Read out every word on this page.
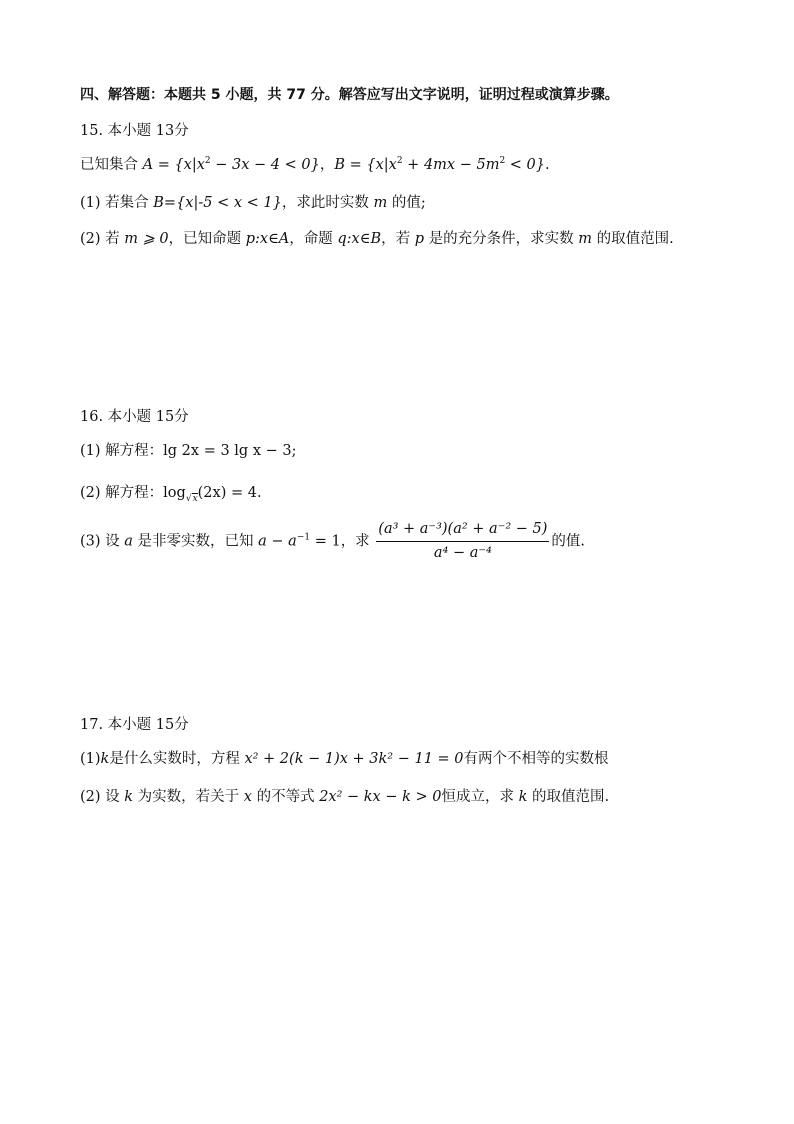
四、解答题：本题共 5 小题，共 77 分。解答应写出文字说明，证明过程或演算步骤。
15. 本小题 13分
已知集合 $A = \{x|x^2 - 3x - 4 < 0\}$，$B = \{x|x^2 + 4mx - 5m^2 < 0\}$.
(1) 若集合 B={x|-5 < x < 1}，求此时实数 m 的值;
(2) 若 m ⩾ 0，已知命题 p:x∈A，命题 q:x∈B，若 p 是的充分条件，求实数 m 的取值范围.
16. 本小题 15分
(1) 解方程：lg 2x = 3 lg x − 3;
(2) 解方程：$\log_{√x}(2x) = 4$.
(3) 设 a 是非零实数，已知 $a - a^{-1} = 1$，求 $\frac{\text{(a³ + a⁻³)(a² + a⁻² − 5)}}{\text{a⁴ − a⁻⁴}}$ 的值.
17. 本小题 15分
(1)k是什么实数时，方程 x² + 2(k − 1)x + 3k² − 11 = 0有两个不相等的实数根
(2) 设 k 为实数，若关于 x 的不等式 2x² − kx − k > 0恒成立，求 k 的取值范围.
